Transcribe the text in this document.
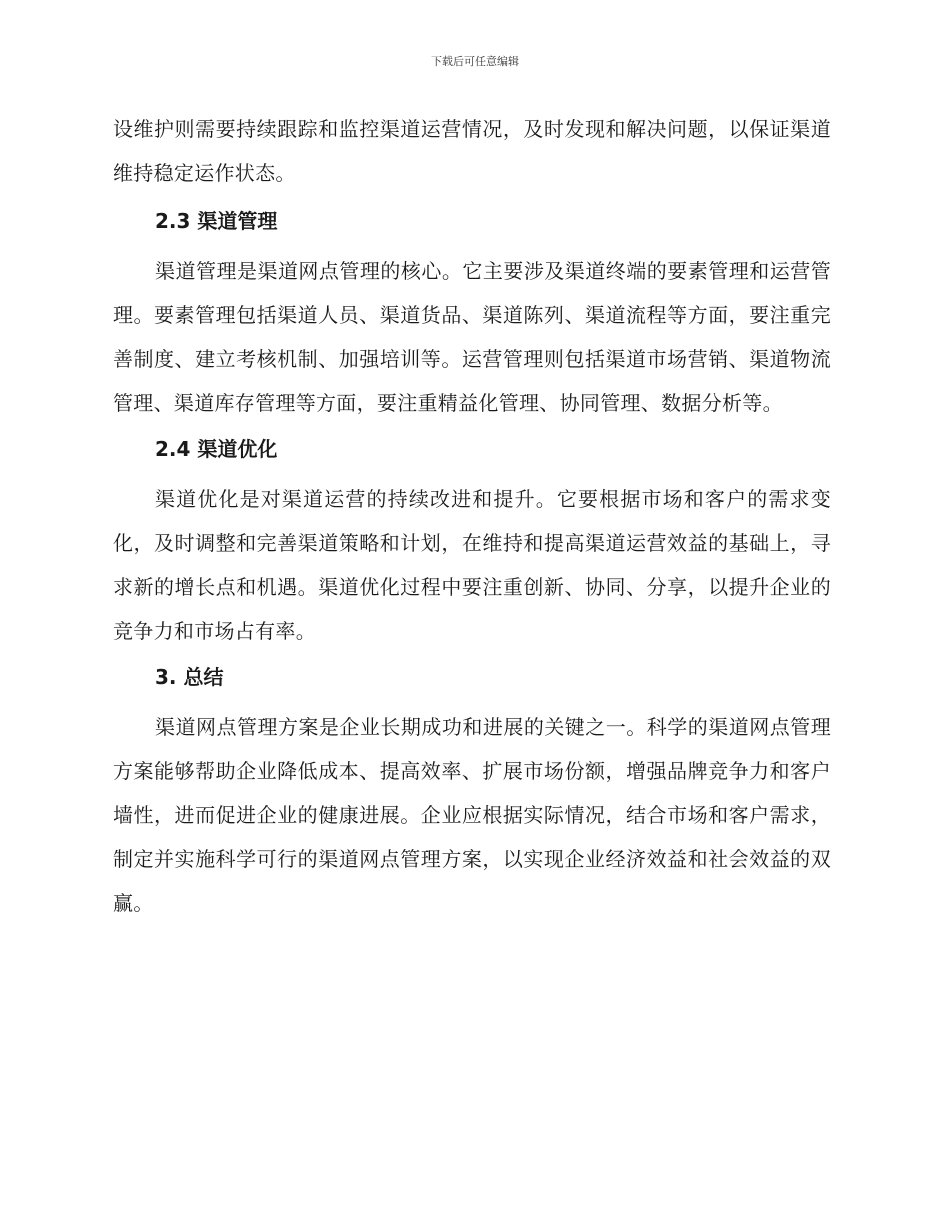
下载后可任意编辑

设维护则需要持续跟踪和监控渠道运营情况，及时发现和解决问题，以保证渠道维持稳定运作状态。

2.3 渠道管理

渠道管理是渠道网点管理的核心。它主要涉及渠道终端的要素管理和运营管理。要素管理包括渠道人员、渠道货品、渠道陈列、渠道流程等方面，要注重完善制度、建立考核机制、加强培训等。运营管理则包括渠道市场营销、渠道物流管理、渠道库存管理等方面，要注重精益化管理、协同管理、数据分析等。

2.4 渠道优化

渠道优化是对渠道运营的持续改进和提升。它要根据市场和客户的需求变化，及时调整和完善渠道策略和计划，在维持和提高渠道运营效益的基础上，寻求新的增长点和机遇。渠道优化过程中要注重创新、协同、分享，以提升企业的竞争力和市场占有率。

3. 总结

渠道网点管理方案是企业长期成功和进展的关键之一。科学的渠道网点管理方案能够帮助企业降低成本、提高效率、扩展市场份额，增强品牌竞争力和客户墙性，进而促进企业的健康进展。企业应根据实际情况，结合市场和客户需求，制定并实施科学可行的渠道网点管理方案，以实现企业经济效益和社会效益的双赢。
